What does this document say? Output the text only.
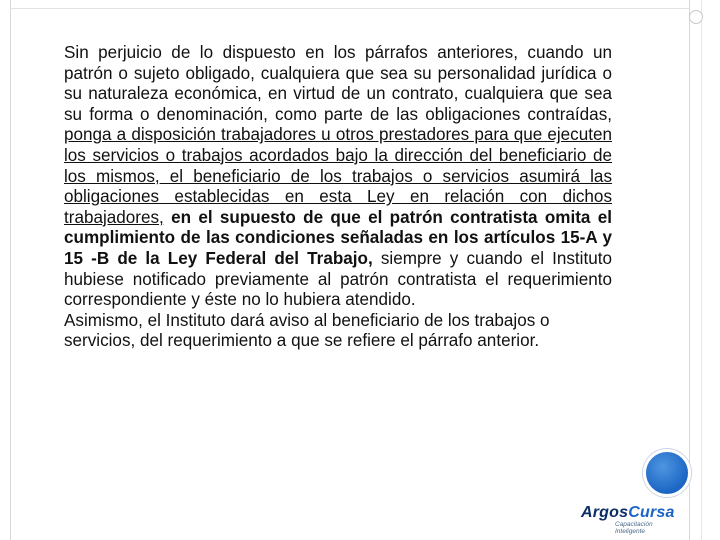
Sin perjuicio de lo dispuesto en los párrafos anteriores, cuando un patrón o sujeto obligado, cualquiera que sea su personalidad jurídica o su naturaleza económica, en virtud de un contrato, cualquiera que sea su forma o denominación, como parte de las obligaciones contraídas, ponga a disposición trabajadores u otros prestadores para que ejecuten los servicios o trabajos acordados bajo la dirección del beneficiario de los mismos, el beneficiario de los trabajos o servicios asumirá las obligaciones establecidas en esta Ley en relación con dichos trabajadores, en el supuesto de que el patrón contratista omita el cumplimiento de las condiciones señaladas en los artículos 15-A y 15 -B de la Ley Federal del Trabajo, siempre y cuando el Instituto hubiese notificado previamente al patrón contratista el requerimiento correspondiente y éste no lo hubiera atendido.

Asimismo, el Instituto dará aviso al beneficiario de los trabajos o servicios, del requerimiento a que se refiere el párrafo anterior.

ArgosCursa
Capacitación
Inteligente
